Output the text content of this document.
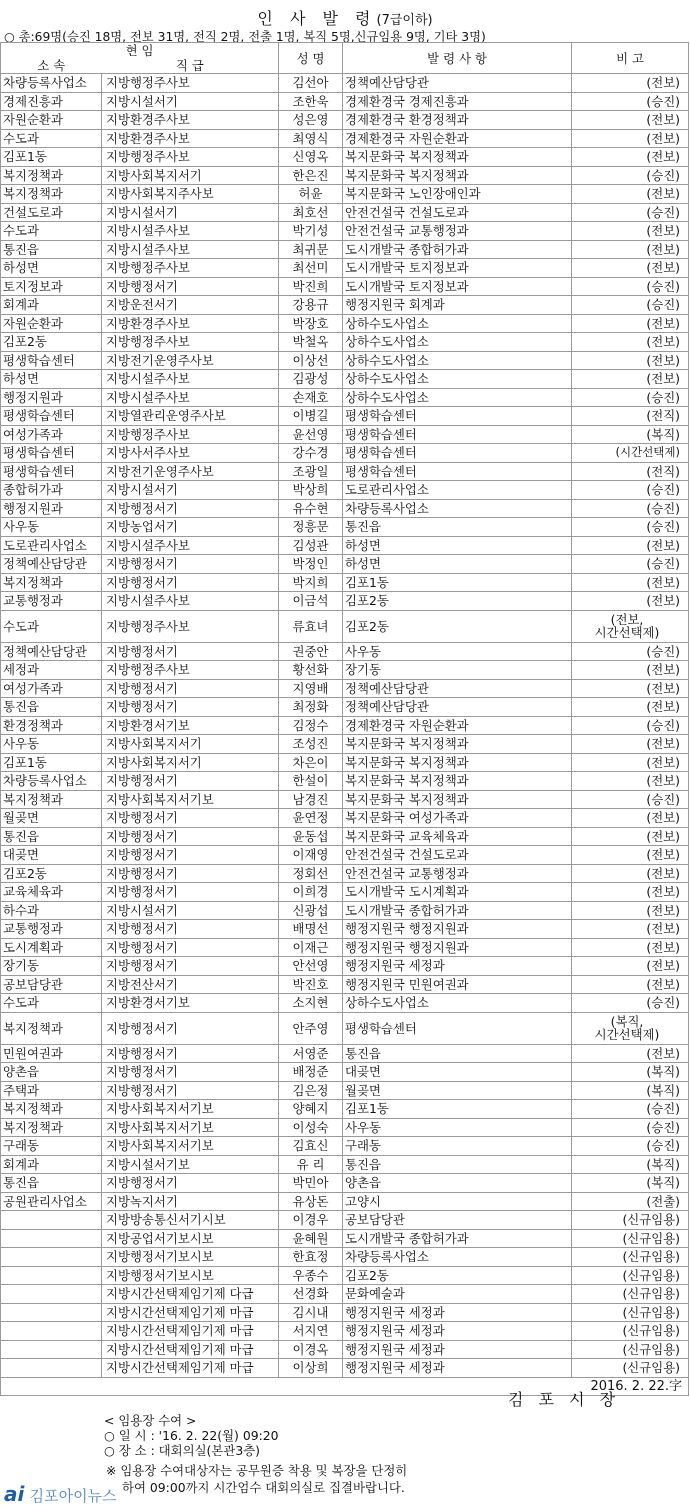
인 사 발 령(7급이하)
○ 총:69명(승진 18명, 전보 31명, 전직 2명, 전출 1명, 복직 5명,신규임용 9명, 기타 3명)
현 임		성 명	발 령 사 항	비 고
소 속	직 급			
차량등록사업소	지방행정주사보	김선아	정책예산담당관	(전보)
경제진흥과	지방시설서기	조한욱	경제환경국 경제진흥과	(승진)
자원순환과	지방환경주사보	성은영	경제환경국 환경정책과	(전보)
수도과	지방환경주사보	최영식	경제환경국 자원순환과	(전보)
김포1동	지방행정주사보	신영옥	복지문화국 복지정책과	(전보)
복지정책과	지방사회복지서기	한은진	복지문화국 복지정책과	(승진)
복지정책과	지방사회복지주사보	허윤	복지문화국 노인장애인과	(전보)
건설도로과	지방시설서기	최호선	안전건설국 건설도로과	(승진)
수도과	지방시설주사보	박기성	안전건설국 교통행정과	(전보)
통진읍	지방시설주사보	최귀문	도시개발국 종합허가과	(전보)
하성면	지방행정주사보	최선미	도시개발국 토지정보과	(전보)
토지정보과	지방행정서기	박진희	도시개발국 토지정보과	(승진)
회계과	지방운전서기	강용규	행정지원국 회계과	(승진)
자원순환과	지방환경주사보	박장호	상하수도사업소	(전보)
김포2동	지방행정주사보	박철옥	상하수도사업소	(전보)
평생학습센터	지방전기운영주사보	이상선	상하수도사업소	(전보)
하성면	지방시설주사보	김광성	상하수도사업소	(전보)
행정지원과	지방시설주사보	손재호	상하수도사업소	(승진)
평생학습센터	지방열관리운영주사보	이병길	평생학습센터	(전직)
여성가족과	지방행정주사보	윤선영	평생학습센터	(복직)
평생학습센터	지방사서주사보	강수경	평생학습센터	(시간선택제)
평생학습센터	지방전기운영주사보	조광일	평생학습센터	(전직)
종합허가과	지방시설서기	박상희	도로관리사업소	(승진)
행정지원과	지방행정서기	유수현	차량등록사업소	(승진)
사우동	지방농업서기	정흥문	통진읍	(승진)
도로관리사업소	지방시설주사보	김성관	하성면	(전보)
정책예산담당관	지방행정서기	박정인	하성면	(승진)
복지정책과	지방행정서기	박지희	김포1동	(전보)
교통행정과	지방시설주사보	이금석	김포2동	(전보)
수도과	지방행정주사보	류효녀	김포2동	(전보,
시간선택제)
정책예산담당관	지방행정서기	권중안	사우동	(승진)
세정과	지방행정주사보	황선화	장기동	(전보)
여성가족과	지방행정서기	지영배	정책예산담당관	(전보)
통진읍	지방행정서기	최정화	정책예산담당관	(전보)
환경정책과	지방환경서기보	김정수	경제환경국 자원순환과	(승진)
사우동	지방사회복지서기	조성진	복지문화국 복지정책과	(전보)
김포1동	지방사회복지서기	차은이	복지문화국 복지정책과	(전보)
차량등록사업소	지방행정서기	한설이	복지문화국 복지정책과	(전보)
복지정책과	지방사회복지서기보	남경진	복지문화국 복지정책과	(승진)
월곶면	지방행정서기	윤연정	복지문화국 여성가족과	(전보)
통진읍	지방행정서기	윤동섭	복지문화국 교육체육과	(전보)
대곶면	지방행정서기	이재영	안전건설국 건설도로과	(전보)
김포2동	지방행정서기	정회선	안전건설국 교통행정과	(전보)
교육체육과	지방행정서기	이희경	도시개발국 도시계획과	(전보)
하수과	지방시설서기	신광섭	도시개발국 종합허가과	(전보)
교통행정과	지방행정서기	배명선	행정지원국 행정지원과	(전보)
도시계획과	지방행정서기	이재근	행정지원국 행정지원과	(전보)
장기동	지방행정서기	안선영	행정지원국 세정과	(전보)
공보담당관	지방전산서기	박진호	행정지원국 민원여권과	(전보)
수도과	지방환경서기보	소지현	상하수도사업소	(승진)
복지정책과	지방행정서기	안주영	평생학습센터	(복직,
시간선택제)
민원여권과	지방행정서기	서영준	통진읍	(전보)
양촌읍	지방행정서기	배정준	대곶면	(복직)
주택과	지방행정서기	김은정	월곶면	(복직)
복지정책과	지방사회복지서기보	양혜지	김포1동	(승진)
복지정책과	지방사회복지서기보	이성숙	사우동	(승진)
구래동	지방사회복지서기보	김효신	구래동	(승진)
회계과	지방시설서기보	유 리	통진읍	(복직)
통진읍	지방행정서기	박민아	양촌읍	(복직)
공원관리사업소	지방녹지서기	유상돈	고양시	(전출)
	지방방송통신서기시보	이경우	공보담당관	(신규임용)
	지방공업서기보시보	윤혜원	도시개발국 종합허가과	(신규임용)
	지방행정서기보시보	한효정	차량등록사업소	(신규임용)
	지방행정서기보시보	우종수	김포2동	(신규임용)
	지방시간선택제임기제 다급	선경화	문화예술과	(신규임용)
	지방시간선택제임기제 마급	김시내	행정지원국 세정과	(신규임용)
	지방시간선택제임기제 마급	서지연	행정지원국 세정과	(신규임용)
	지방시간선택제임기제 마급	이경옥	행정지원국 세정과	(신규임용)
	지방시간선택제임기제 마급	이상희	행정지원국 세정과	(신규임용)
2016. 2. 22.字				
김 포 시 장
< 임용장 수여 >
○ 일 시 : '16. 2. 22(월) 09:20
○ 장 소 : 대회의실(본관3층)
※ 임용장 수여대상자는 공무원증 착용 및 복장을 단정히
하여 09:00까지 시간엄수 대회의실로 집결바랍니다.
ai 김포아이뉴스
